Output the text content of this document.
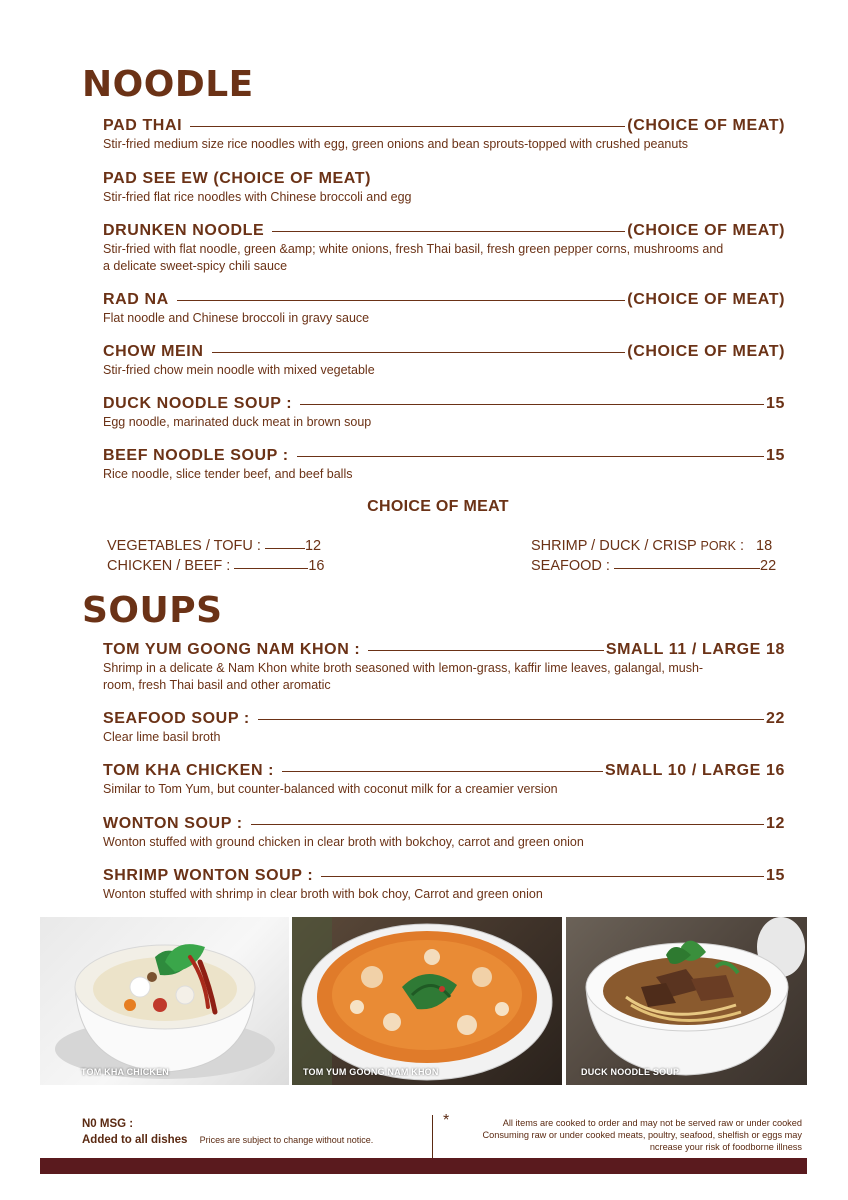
NOODLE
PAD THAI	(CHOICE OF MEAT)
Stir-fried medium size rice noodles with egg, green onions and bean sprouts-topped with crushed peanuts
PAD SEE EW (CHOICE OF MEAT)
Stir-fried flat rice noodles with Chinese broccoli and egg
DRUNKEN NOODLE	(CHOICE OF MEAT)
Stir-fried with flat noodle, green &amp; white onions, fresh Thai basil, fresh green pepper corns, mushrooms and
a delicate sweet-spicy chili sauce
RAD NA	(CHOICE OF MEAT)
Flat noodle and Chinese broccoli in gravy sauce
CHOW MEIN	(CHOICE OF MEAT)
Stir-fried chow mein noodle with mixed vegetable
DUCK NOODLE SOUP :	15
Egg noodle, marinated duck meat in brown soup
BEEF NOODLE SOUP :	15
Rice noodle, slice tender beef, and beef balls
CHOICE OF MEAT
VEGETABLES / TOFU :	12
CHICKEN / BEEF :	16
SHRIMP / DUCK / CRISP PORK : 18
SEAFOOD :	22
SOUPS
TOM YUM GOONG NAM KHON :	SMALL 11 / LARGE 18
Shrimp in a delicate & Nam Khon white broth seasoned with lemon-grass, kaffir lime leaves, galangal, mush-
room, fresh Thai basil and other aromatic
SEAFOOD SOUP :	22
Clear lime basil broth
TOM KHA CHICKEN :	SMALL 10 / LARGE 16
Similar to Tom Yum, but counter-balanced with coconut milk for a creamier version
WONTON SOUP :	12
Wonton stuffed with ground chicken in clear broth with bokchoy, carrot and green onion
SHRIMP WONTON SOUP :	15
Wonton stuffed with shrimp in clear broth with bok choy, Carrot and green onion
TOM KHA CHICKEN	TOM YUM GOONG NAM KHON	DUCK NOODLE SOUP
N0 MSG :
Added to all dishes Prices are subject to change without notice.
*	All items are cooked to order and may not be served raw or under cooked
Consuming raw or under cooked meats, poultry, seafood, shelfish or eggs may
ncrease your risk of foodborne illness
